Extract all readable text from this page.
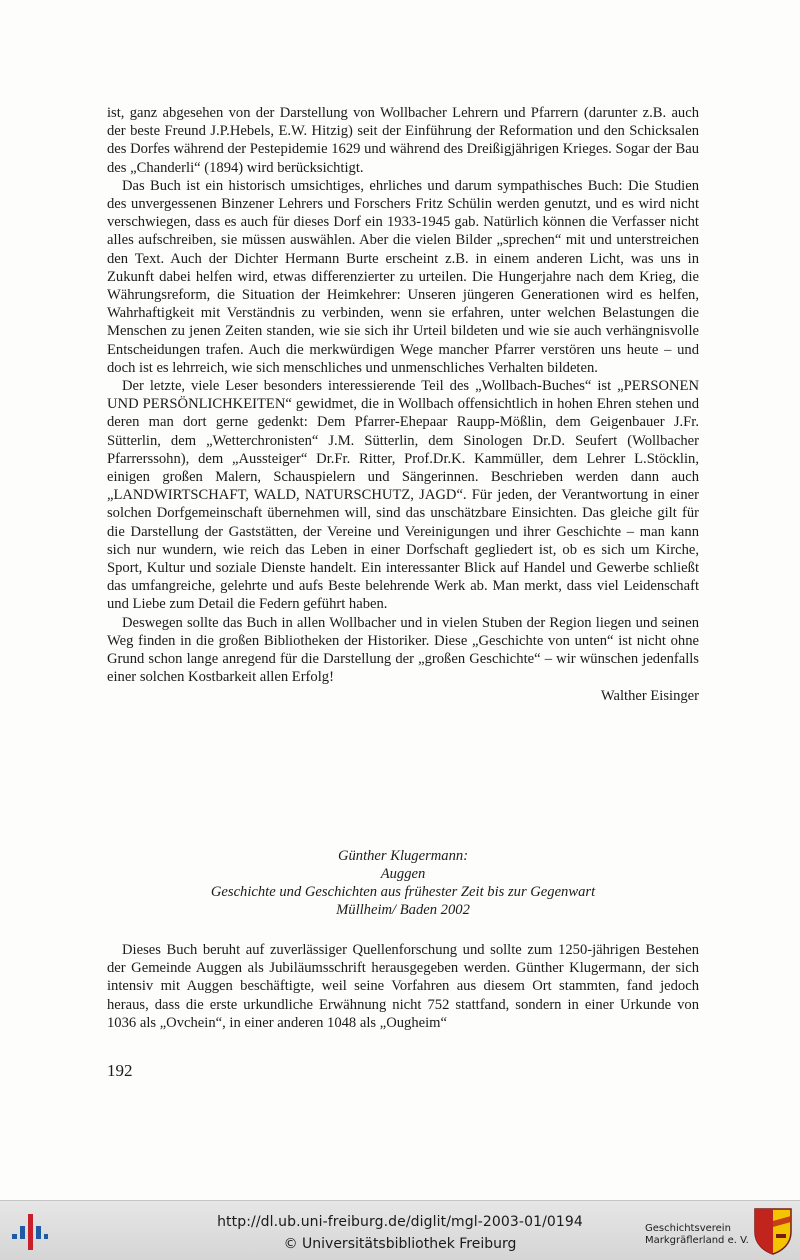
ist, ganz abgesehen von der Darstellung von Wollbacher Lehrern und Pfarrern (darunter z.B. auch der beste Freund J.P.Hebels, E.W. Hitzig) seit der Einführung der Reformation und den Schicksalen des Dorfes während der Pestepidemie 1629 und während des Dreißigjährigen Krieges. Sogar der Bau des „Chanderli“ (1894) wird berücksichtigt.

Das Buch ist ein historisch umsichtiges, ehrliches und darum sympathisches Buch: Die Studien des unvergessenen Binzener Lehrers und Forschers Fritz Schülin werden genutzt, und es wird nicht verschwiegen, dass es auch für dieses Dorf ein 1933-1945 gab. Natürlich können die Verfasser nicht alles aufschreiben, sie müssen auswählen. Aber die vielen Bilder „sprechen“ mit und unterstreichen den Text. Auch der Dichter Hermann Burte erscheint z.B. in einem anderen Licht, was uns in Zukunft dabei helfen wird, etwas differenzierter zu urteilen. Die Hungerjahre nach dem Krieg, die Währungsreform, die Situation der Heimkehrer: Unseren jüngeren Generationen wird es helfen, Wahrhaftigkeit mit Verständnis zu verbinden, wenn sie erfahren, unter welchen Belastungen die Menschen zu jenen Zeiten standen, wie sie sich ihr Urteil bildeten und wie sie auch verhängnisvolle Entscheidungen trafen. Auch die merkwürdigen Wege mancher Pfarrer verstören uns heute – und doch ist es lehrreich, wie sich menschliches und unmenschliches Verhalten bildeten.

Der letzte, viele Leser besonders interessierende Teil des „Wollbach-Buches“ ist „PERSONEN UND PERSÖNLICHKEITEN“ gewidmet, die in Wollbach offensichtlich in hohen Ehren stehen und deren man dort gerne gedenkt: Dem Pfarrer-Ehepaar Raupp-Mößlin, dem Geigenbauer J.Fr. Sütterlin, dem „Wetterchronisten“ J.M. Sütterlin, dem Sinologen Dr.D. Seufert (Wollbacher Pfarrerssohn), dem „Aussteiger“ Dr.Fr. Ritter, Prof.Dr.K. Kammüller, dem Lehrer L.Stöcklin, einigen großen Malern, Schauspielern und Sängerinnen. Beschrieben werden dann auch „LANDWIRTSCHAFT, WALD, NATURSCHUTZ, JAGD“. Für jeden, der Verantwortung in einer solchen Dorfgemeinschaft übernehmen will, sind das unschätzbare Einsichten. Das gleiche gilt für die Darstellung der Gaststätten, der Vereine und Vereinigungen und ihrer Geschichte – man kann sich nur wundern, wie reich das Leben in einer Dorfschaft gegliedert ist, ob es sich um Kirche, Sport, Kultur und soziale Dienste handelt. Ein interessanter Blick auf Handel und Gewerbe schließt das umfangreiche, gelehrte und aufs Beste belehrende Werk ab. Man merkt, dass viel Leidenschaft und Liebe zum Detail die Federn geführt haben.

Deswegen sollte das Buch in allen Wollbacher und in vielen Stuben der Region liegen und seinen Weg finden in die großen Bibliotheken der Historiker. Diese „Geschichte von unten“ ist nicht ohne Grund schon lange anregend für die Darstellung der „großen Geschichte“ – wir wünschen jedenfalls einer solchen Kostbarkeit allen Erfolg!

Walther Eisinger

Günther Klugermann:
Auggen
Geschichte und Geschichten aus frühester Zeit bis zur Gegenwart
Müllheim/ Baden 2002

Dieses Buch beruht auf zuverlässiger Quellenforschung und sollte zum 1250-jährigen Bestehen der Gemeinde Auggen als Jubiläumsschrift herausgegeben werden. Günther Klugermann, der sich intensiv mit Auggen beschäftigte, weil seine Vorfahren aus diesem Ort stammten, fand jedoch heraus, dass die erste urkundliche Erwähnung nicht 752 stattfand, sondern in einer Urkunde von 1036 als „Ovchein“, in einer anderen 1048 als „Ougheim“

192
http://dl.ub.uni-freiburg.de/diglit/mgl-2003-01/0194
© Universitätsbibliothek Freiburg
Geschichtsverein
Markgräflerland e. V.
